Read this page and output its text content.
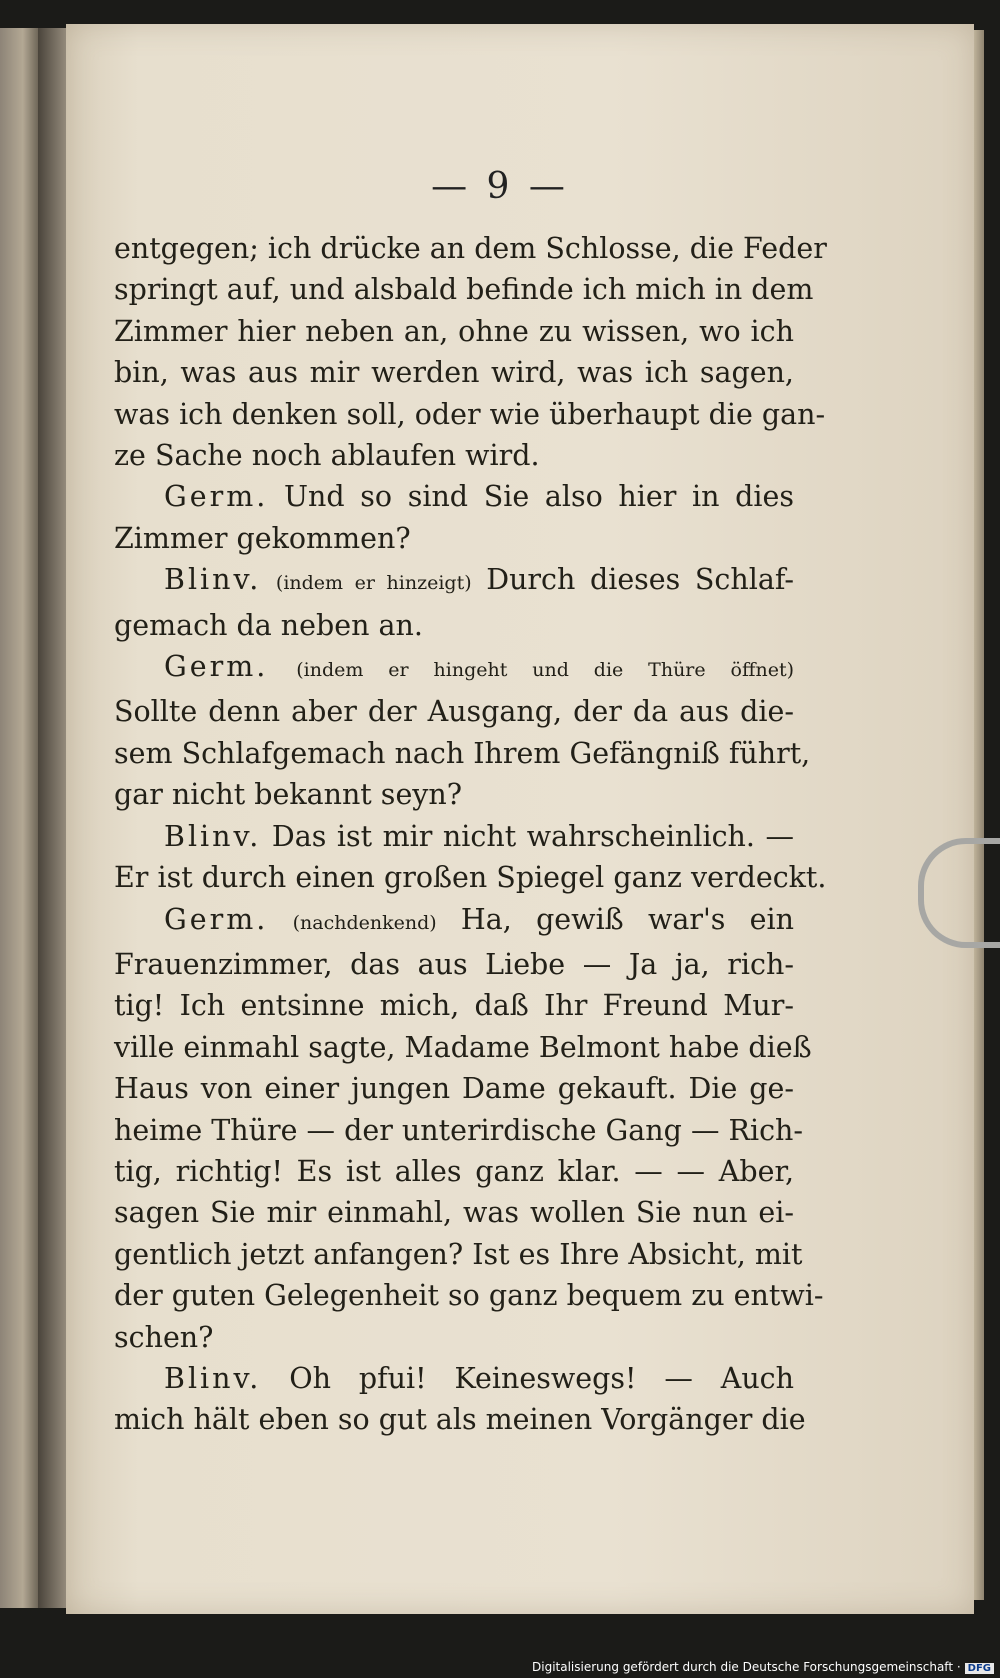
— 9 —
entgegen; ich drücke an dem Schlosse, die Feder
springt auf, und alsbald befinde ich mich in dem
Zimmer hier neben an, ohne zu wissen, wo ich
bin, was aus mir werden wird, was ich sagen,
was ich denken soll, oder wie überhaupt die gan-
ze Sache noch ablaufen wird.
Germ. Und so sind Sie also hier in dies
Zimmer gekommen?
Blinv. (indem er hinzeigt) Durch dieses Schlaf-
gemach da neben an.
Germ. (indem er hingeht und die Thüre öffnet)
Sollte denn aber der Ausgang, der da aus die-
sem Schlafgemach nach Ihrem Gefängniß führt,
gar nicht bekannt seyn?
Blinv. Das ist mir nicht wahrscheinlich. —
Er ist durch einen großen Spiegel ganz verdeckt.
Germ. (nachdenkend) Ha, gewiß war's ein
Frauenzimmer, das aus Liebe — Ja ja, rich-
tig! Ich entsinne mich, daß Ihr Freund Mur-
ville einmahl sagte, Madame Belmont habe dieß
Haus von einer jungen Dame gekauft. Die ge-
heime Thüre — der unterirdische Gang — Rich-
tig, richtig! Es ist alles ganz klar. — — Aber,
sagen Sie mir einmahl, was wollen Sie nun ei-
gentlich jetzt anfangen? Ist es Ihre Absicht, mit
der guten Gelegenheit so ganz bequem zu entwi-
schen?
Blinv. Oh pfui! Keineswegs! — Auch
mich hält eben so gut als meinen Vorgänger die
Digitalisierung gefördert durch die Deutsche Forschungsgemeinschaft · DFG
